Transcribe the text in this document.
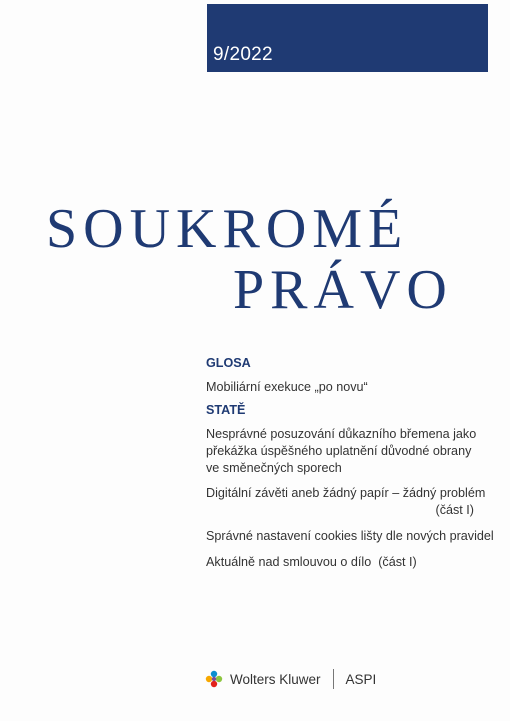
9/2022
SOUKROMÉ
PRÁVO
GLOSA
Mobiliární exekuce „po novu“
STATĚ
Nesprávné posuzování důkazního břemena jako
překážka úspěšného uplatnění důvodné obrany
ve směnečných sporech
Digitální závěti aneb žádný papír – žádný problém
(část I)
Správné nastavení cookies lišty dle nových pravidel
Aktuálně nad smlouvou o dílo  (část I)
Wolters Kluwer ASPI
